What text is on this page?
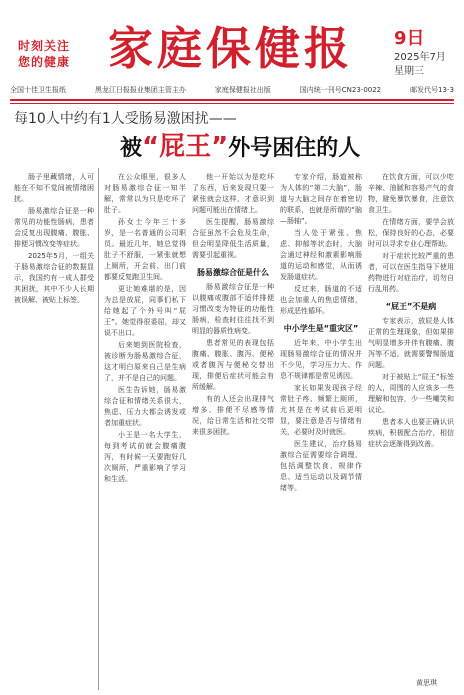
时刻关注
您的健康 家庭保健报 9日
2025年7月
星期三
全国十佳卫生报纸	黑龙江日报报业集团主管主办	家庭保健报社出版	国内统一刊号CN23-0022	邮发代号13-3
每10人中约有1人受肠易激困扰——
被“屁王”外号困住的人

肠子里藏情绪，人可能在不知不觉间被情绪困扰。

肠易激综合征是一种常见的功能性肠病，患者会反复出现腹痛、腹胀、排便习惯改变等症状。

2025年5月，一组关于肠易激综合征的数据显示，我国约有一成人群受其困扰，其中不少人长期被误解、被贴上标签。

在公众眼里，很多人对肠易激综合征一知半解，常常以为只是吃坏了肚子。

孙女士今年三十多岁，是一名普通的公司职员。最近几年，她总觉得肚子不舒服，一紧张就想上厕所，开会前、出门前都要反复跑卫生间。

更让她难堪的是，因为总是放屁，同事们私下给她起了个外号叫“屁王”。她觉得很委屈，却又说不出口。

后来她到医院检查，被诊断为肠易激综合征，这才明白原来自己是生病了，并不是自己的问题。

医生告诉她，肠易激综合征和情绪关系很大，焦虑、压力大都会诱发或者加重症状。

小王是一名大学生，每到考试前就会腹痛腹泻，有时候一天要跑好几次厕所，严重影响了学习和生活。

他一开始以为是吃坏了东西，后来发现只要一紧张就会这样，才意识到问题可能出在情绪上。

医生提醒，肠易激综合征虽然不会危及生命，但会明显降低生活质量，需要引起重视。

肠易激综合征是什么

肠易激综合征是一种以腹痛或腹部不适伴排便习惯改变为特征的功能性肠病，检查时往往找不到明显的器质性病变。

患者常见的表现包括腹痛、腹胀、腹泻、便秘或者腹泻与便秘交替出现，排便后症状可能会有所缓解。

有的人还会出现排气增多、排便不尽感等情况，给日常生活和社交带来很多困扰。

专家介绍，肠道被称为人体的“第二大脑”，肠道与大脑之间存在着密切的联系，也就是所谓的“脑—肠轴”。

当人处于紧张、焦虑、抑郁等状态时，大脑会通过神经和激素影响肠道的运动和感觉，从而诱发肠道症状。

反过来，肠道的不适也会加重人的焦虑情绪，形成恶性循环。

中小学生是“重灾区”

近年来，中小学生出现肠易激综合征的情况并不少见，学习压力大、作息不规律都是常见诱因。

家长如果发现孩子经常肚子疼、频繁上厕所，尤其是在考试前后更明显，要注意是否与情绪有关，必要时及时就医。

医生建议，治疗肠易激综合征需要综合调理，包括调整饮食、规律作息、适当运动以及调节情绪等。

在饮食方面，可以少吃辛辣、油腻和容易产气的食物，避免暴饮暴食，注意饮食卫生。

在情绪方面，要学会放松，保持良好的心态，必要时可以寻求专业心理帮助。

对于症状比较严重的患者，可以在医生指导下使用药物进行对症治疗，切勿自行乱用药。

“屁王”不是病

专家表示，放屁是人体正常的生理现象，但如果排气明显增多并伴有腹痛、腹泻等不适，就需要警惕肠道问题。

对于被贴上“屁王”标签的人，周围的人应该多一些理解和包容，少一些嘲笑和议论。

患者本人也要正确认识疾病，积极配合治疗，相信症状会逐渐得到改善。

黄思琪
